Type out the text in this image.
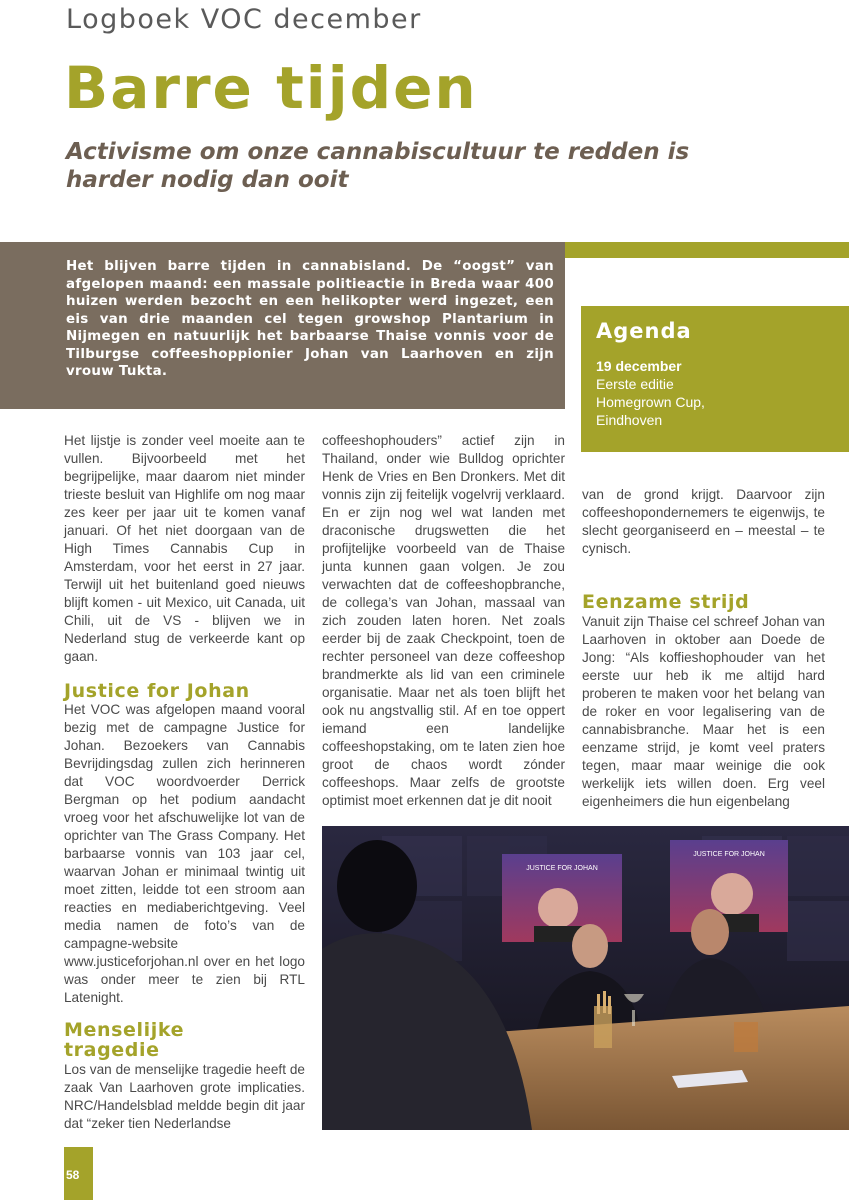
Logboek VOC december
Barre tijden
Activisme om onze cannabiscultuur te redden is harder nodig dan ooit

Het blijven barre tijden in cannabisland. De “oogst” van afgelopen maand: een massale politieactie in Breda waar 400 huizen werden bezocht en een helikopter werd ingezet, een eis van drie maanden cel tegen growshop Plantarium in Nijmegen en natuurlijk het barbaarse Thaise vonnis voor de Tilburgse coffeeshoppionier Johan van Laarhoven en zijn vrouw Tukta.

Agenda
19 december
Eerste editie
Homegrown Cup,
Eindhoven

Het lijstje is zonder veel moeite aan te vullen. Bijvoorbeeld met het begrijpelijke, maar daarom niet minder trieste besluit van Highlife om nog maar zes keer per jaar uit te komen vanaf januari. Of het niet doorgaan van de High Times Cannabis Cup in Amsterdam, voor het eerst in 27 jaar. Terwijl uit het buitenland goed nieuws blijft komen - uit Mexico, uit Canada, uit Chili, uit de VS - blijven we in Nederland stug de verkeerde kant op gaan.

Justice for Johan

Het VOC was afgelopen maand vooral bezig met de campagne Justice for Johan. Bezoekers van Cannabis Bevrijdingsdag zullen zich herinneren dat VOC woordvoerder Derrick Bergman op het podium aandacht vroeg voor het afschuwelijke lot van de oprichter van The Grass Company. Het barbaarse vonnis van 103 jaar cel, waarvan Johan er minimaal twintig uit moet zitten, leidde tot een stroom aan reacties en mediaberichtgeving. Veel media namen de foto’s van de campagne-website www.justiceforjohan.nl over en het logo was onder meer te zien bij RTL Latenight.

Menselijke tragedie

Los van de menselijke tragedie heeft de zaak Van Laarhoven grote implicaties. NRC/Handelsblad meldde begin dit jaar dat “zeker tien Nederlandse

coffeeshophouders” actief zijn in Thailand, onder wie Bulldog oprichter Henk de Vries en Ben Dronkers. Met dit vonnis zijn zij feitelijk vogelvrij verklaard. En er zijn nog wel wat landen met draconische drugswetten die het profijtelijke voorbeeld van de Thaise junta kunnen gaan volgen. Je zou verwachten dat de coffeeshopbranche, de collega’s van Johan, massaal van zich zouden laten horen. Net zoals eerder bij de zaak Checkpoint, toen de rechter personeel van deze coffeeshop brandmerkte als lid van een criminele organisatie. Maar net als toen blijft het ook nu angstvallig stil. Af en toe oppert iemand een landelijke coffeeshopstaking, om te laten zien hoe groot de chaos wordt zónder coffeeshops. Maar zelfs de grootste optimist moet erkennen dat je dit nooit

van de grond krijgt. Daarvoor zijn coffeeshopondernemers te eigenwijs, te slecht georganiseerd en – meestal – te cynisch.

Eenzame strijd

Vanuit zijn Thaise cel schreef Johan van Laarhoven in oktober aan Doede de Jong: “Als koffieshophouder van het eerste uur heb ik me altijd hard proberen te maken voor het belang van de roker en voor legalisering van de cannabisbranche. Maar het is een eenzame strijd, je komt veel praters tegen, maar maar weinige die ook werkelijk iets willen doen. Erg veel eigenheimers die hun eigenbelang

JUSTICE FOR JOHAN
JUSTICE FOR JOHAN
58
